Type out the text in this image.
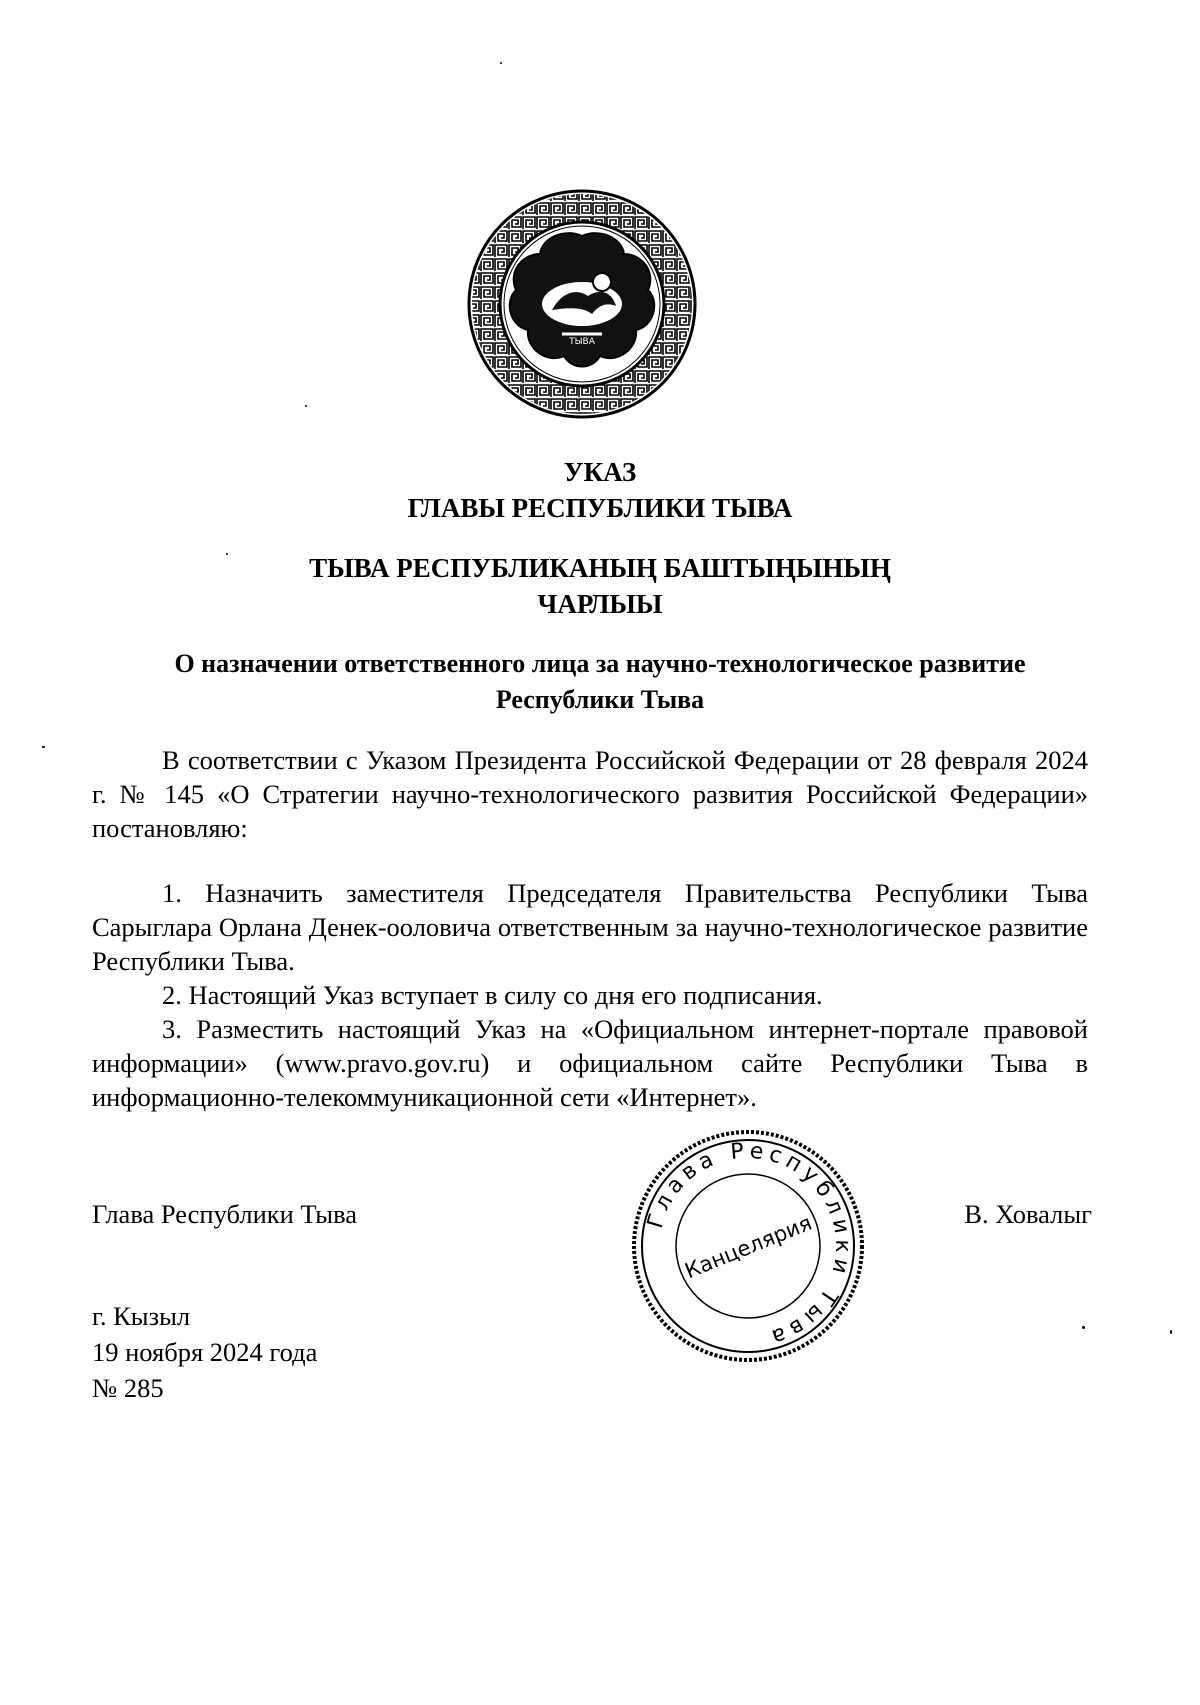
ТЫВА
УКАЗ
ГЛАВЫ РЕСПУБЛИКИ ТЫВА
ТЫВА РЕСПУБЛИКАНЫҢ БАШТЫҢЫНЫҢ
ЧАРЛЫЫ
О назначении ответственного лица за научно-технологическое развитие
Республики Тыва

В соответствии с Указом Президента Российской Федерации от 28 февраля 2024 г. № 145 «О Стратегии научно-технологического развития Российской Федерации» постановляю:

1. Назначить заместителя Председателя Правительства Республики Тыва Сарыглара Орлана Денек-ооловича ответственным за научно-технологическое развитие Республики Тыва.

2. Настоящий Указ вступает в силу со дня его подписания.

3. Разместить настоящий Указ на «Официальном интернет-портале правовой информации» (www.pravo.gov.ru) и официальном сайте Республики Тыва в информационно-телекоммуникационной сети «Интернет».

Глава Республики Тыва	В. Ховалыг
Глава Республики Тыва
Канцелярия
г. Кызыл
19 ноября 2024 года
№ 285
